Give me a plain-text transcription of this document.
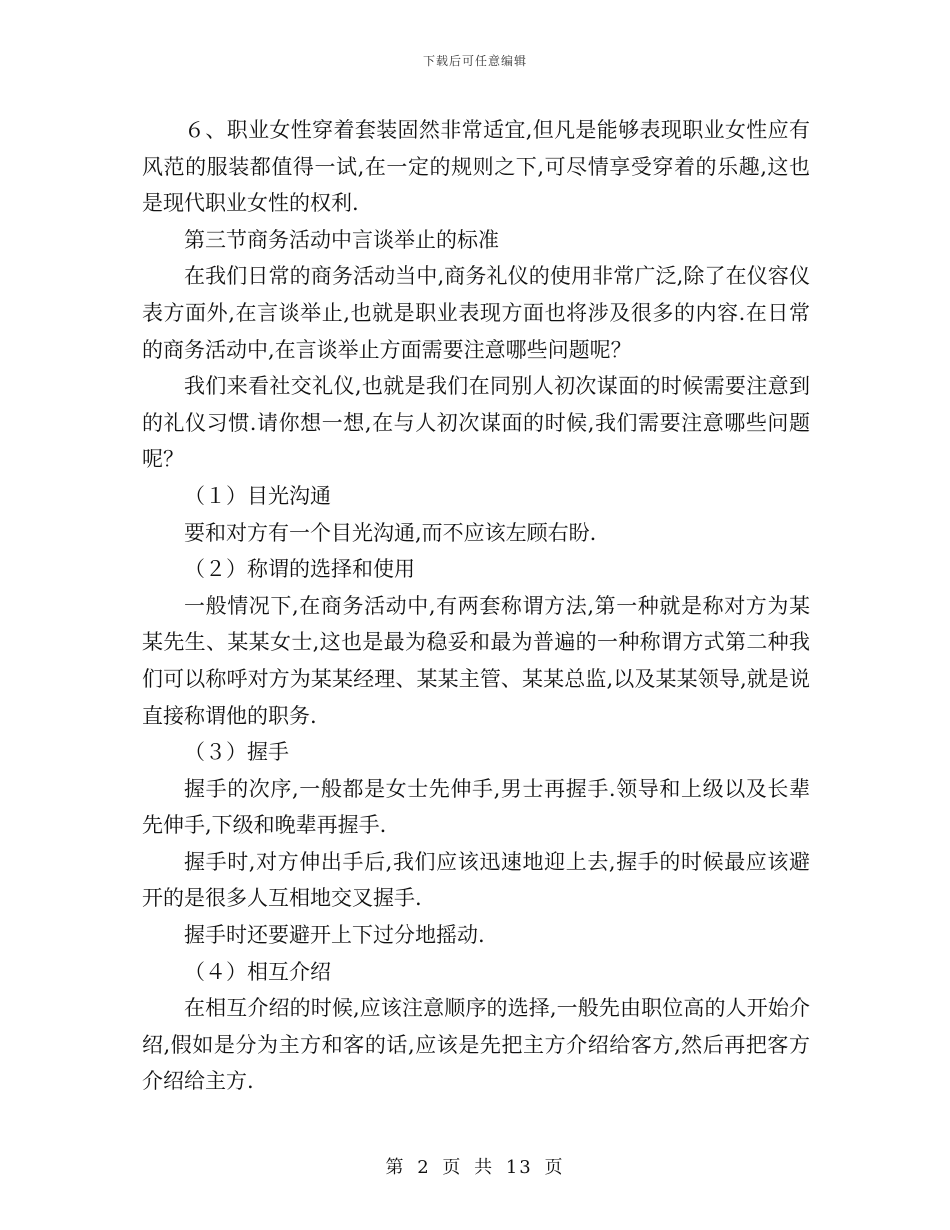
下载后可任意编辑

６、职业女性穿着套装固然非常适宜,但凡是能够表现职业女性应有风范的服装都值得一试,在一定的规则之下,可尽情享受穿着的乐趣,这也是现代职业女性的权利.

第三节商务活动中言谈举止的标准

在我们日常的商务活动当中,商务礼仪的使用非常广泛,除了在仪容仪表方面外,在言谈举止,也就是职业表现方面也将涉及很多的内容.在日常的商务活动中,在言谈举止方面需要注意哪些问题呢？

我们来看社交礼仪,也就是我们在同别人初次谋面的时候需要注意到的礼仪习惯.请你想一想,在与人初次谋面的时候,我们需要注意哪些问题呢？

（１）目光沟通

要和对方有一个目光沟通,而不应该左顾右盼.

（２）称谓的选择和使用

一般情况下,在商务活动中,有两套称谓方法,第一种就是称对方为某某先生、某某女士,这也是最为稳妥和最为普遍的一种称谓方式第二种我们可以称呼对方为某某经理、某某主管、某某总监,以及某某领导,就是说直接称谓他的职务.

（３）握手

握手的次序,一般都是女士先伸手,男士再握手.领导和上级以及长辈先伸手,下级和晚辈再握手.

握手时,对方伸出手后,我们应该迅速地迎上去,握手的时候最应该避开的是很多人互相地交叉握手.

握手时还要避开上下过分地摇动.

（４）相互介绍

在相互介绍的时候,应该注意顺序的选择,一般先由职位高的人开始介绍,假如是分为主方和客的话,应该是先把主方介绍给客方,然后再把客方介绍给主方.

第 2 页 共 13 页
